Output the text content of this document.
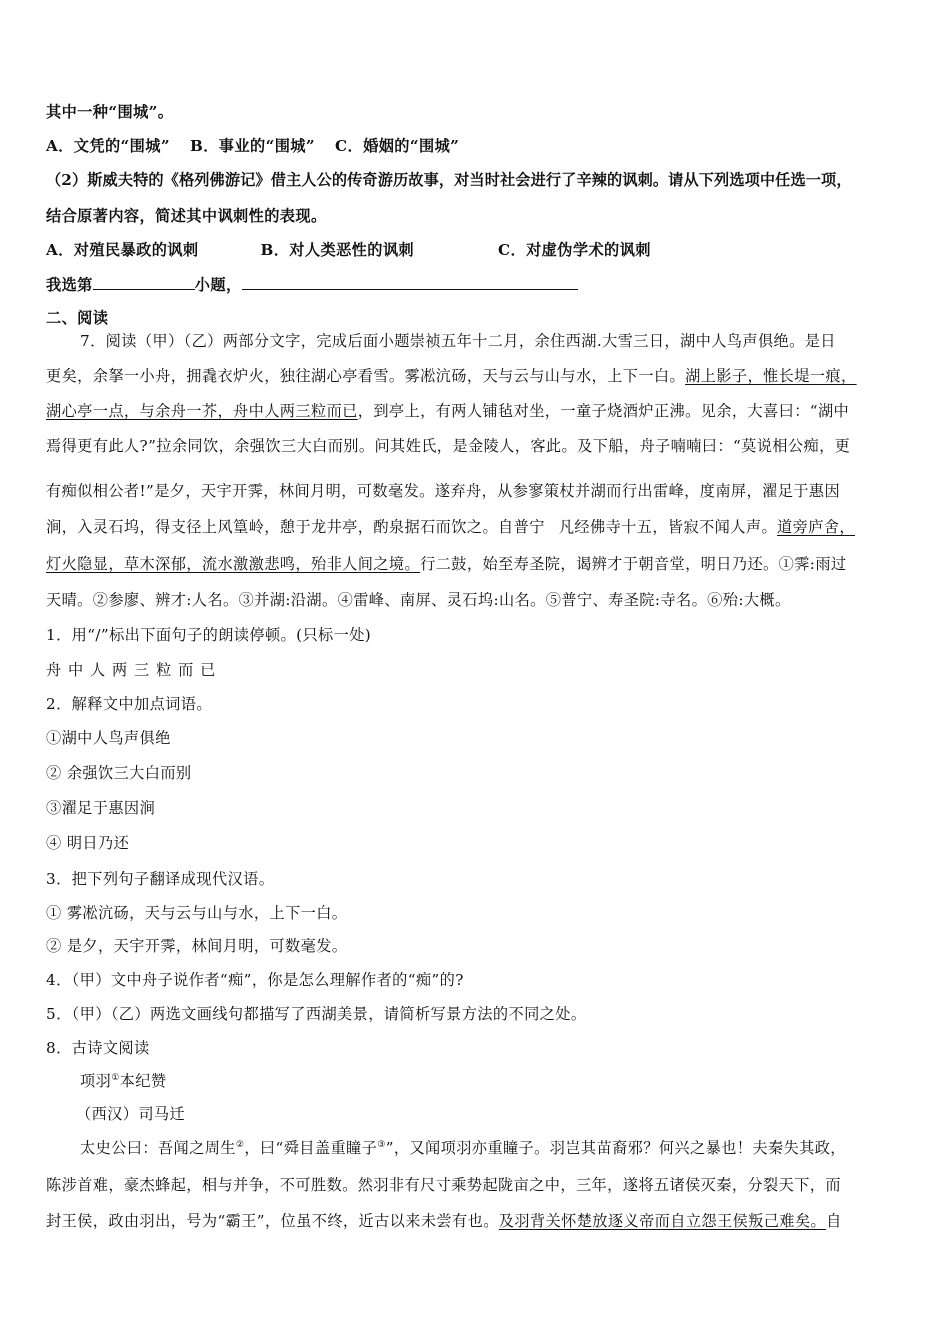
其中一种“围城”。
A．文凭的“围城” B．事业的“围城” C．婚姻的“围城”
（2）斯威夫特的《格列佛游记》借主人公的传奇游历故事，对当时社会进行了辛辣的讽刺。请从下列选项中任选一项，
结合原著内容，简述其中讽刺性的表现。
A．对殖民暴政的讽刺	B．对人类恶性的讽刺	C．对虚伪学术的讽刺
我选第	小题，
二、阅读
7．阅读（甲）（乙）两部分文字，完成后面小题崇祯五年十二月，余住西湖.大雪三日，湖中人鸟声俱绝。是日
更矣，余拏一小舟，拥毳衣炉火，独往湖心亭看雪。雾凇沆砀，天与云与山与水，上下一白。湖上影子，惟长堤一痕，
湖心亭一点，与余舟一芥，舟中人两三粒而已，到亭上，有两人铺毡对坐，一童子烧酒炉正沸。见余，大喜曰：“湖中
焉得更有此人?”拉余同饮，余强饮三大白而别。问其姓氏，是金陵人，客此。及下船，舟子喃喃曰：“莫说相公痴，更
有痴似相公者!”是夕，天宇开霁，林间月明，可数毫发。遂弃舟，从参寥策杖并湖而行出雷峰，度南屏，濯足于惠因
涧，入灵石坞，得支径上风篁岭，憩于龙井亭，酌泉据石而饮之。自普宁 凡经佛寺十五，皆寂不闻人声。道旁庐舍，
灯火隐显，草木深郁，流水激激悲鸣，殆非人间之境。行二鼓，始至寿圣院，谒辨才于朝音堂，明日乃还。①霁:雨过
天晴。②参廖、辨才:人名。③并湖:沿湖。④雷峰、南屏、灵石坞:山名。⑤普宁、寿圣院:寺名。⑥殆:大概。
1．用“/”标出下面句子的朗读停顿。(只标一处)
舟 中 人 两 三 粒 而 已
2．解释文中加点词语。
①湖中人鸟声俱绝
② 余强饮三大白而别
③濯足于惠因涧
④ 明日乃还
3．把下列句子翻译成现代汉语。
① 雾凇沆砀，天与云与山与水，上下一白。
② 是夕，天宇开霁，林间月明，可数毫发。
4．（甲）文中舟子说作者“痴”，你是怎么理解作者的“痴”的?
5．（甲）（乙）两选文画线句都描写了西湖美景，请简析写景方法的不同之处。
8．古诗文阅读
项羽①本纪赞
（西汉）司马迁
太史公曰：吾闻之周生②，曰“舜目盖重瞳子③”，又闻项羽亦重瞳子。羽岂其苗裔邪？何兴之暴也！夫秦失其政，
陈涉首难，豪杰蜂起，相与并争，不可胜数。然羽非有尺寸乘势起陇亩之中，三年，遂将五诸侯灭秦，分裂天下，而
封王侯，政由羽出，号为“霸王”，位虽不终，近古以来未尝有也。及羽背关怀楚放逐义帝而自立怨王侯叛己难矣。自
